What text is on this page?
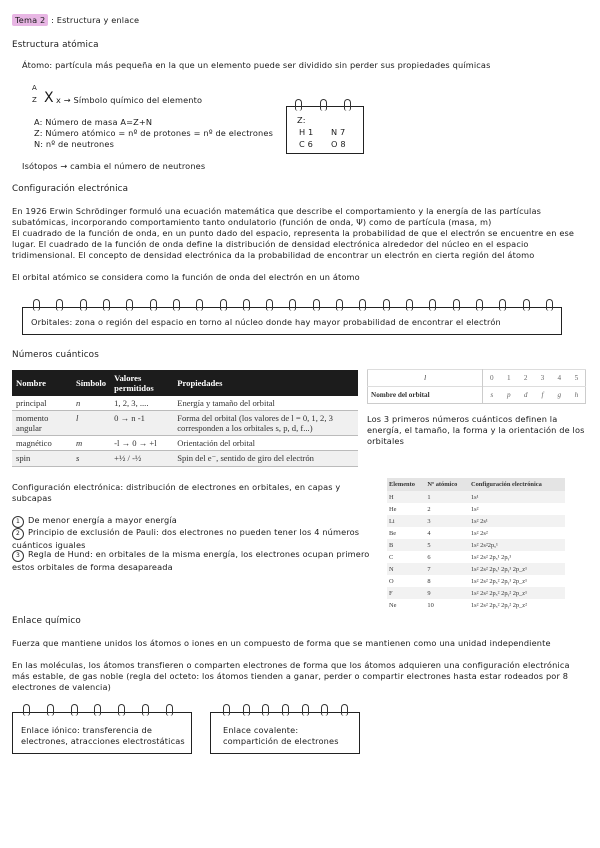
Tema 2 : Estructura y enlace
Estructura atómica
Átomo: partícula más pequeña en la que un elemento puede ser dividido sin perder sus propiedades químicas
A
Z X x → Símbolo químico del elemento
A: Número de masa A=Z+N
Z: Número atómico = nº de protones = nº de electrones
N: nº de neutrones
Isótopos → cambia el número de neutrones
Z:
H 1 N 7
C 6 O 8
Configuración electrónica
En 1926 Erwin Schrödinger formuló una ecuación matemática que describe el comportamiento y la energía de las partículas subatómicas, incorporando comportamiento tanto ondulatorio (función de onda, Ψ) como de partícula (masa, m)
El cuadrado de la función de onda, en un punto dado del espacio, representa la probabilidad de que el electrón se encuentre en ese lugar. El cuadrado de la función de onda define la distribución de densidad electrónica alrededor del núcleo en el espacio tridimensional. El concepto de densidad electrónica da la probabilidad de encontrar un electrón en cierta región del átomo
El orbital atómico se considera como la función de onda del electrón en un átomo
Orbitales: zona o región del espacio en torno al núcleo donde hay mayor probabilidad de encontrar el electrón
Números cuánticos
Nombre	Símbolo	Valores permitidos	Propiedades
principal	n	1, 2, 3, ....	Energía y tamaño del orbital
momento angular	l	0 → n -1	Forma del orbital (los valores de l = 0, 1, 2, 3 corresponden a los orbitales s, p, d, f...)
magnético	m	-l → 0 → +l	Orientación del orbital
spin	s	+½ / -½	Spin del e⁻, sentido de giro del electrón
l	0	1	2	3	4	5
Nombre del orbital	s	p	d	f	g	h
Los 3 primeros números cuánticos definen la energía, el tamaño, la forma y la orientación de los orbitales
Configuración electrónica: distribución de electrones en orbitales, en capas y subcapas
1 De menor energía a mayor energía
2 Principio de exclusión de Pauli: dos electrones no pueden tener los 4 números cuánticos iguales
3 Regla de Hund: en orbitales de la misma energía, los electrones ocupan primero estos orbitales de forma desapareada
Elemento	Nº atómico	Configuración electrónica
H	1	1s¹
He	2	1s²
Li	3	1s² 2s¹
Be	4	1s² 2s²
B	5	1s² 2s²2pₓ¹
C	6	1s² 2s² 2pₓ¹ 2pᵧ¹
N	7	1s² 2s² 2pₓ¹ 2pᵧ¹ 2p_z¹
O	8	1s² 2s² 2pₓ² 2pᵧ¹ 2p_z¹
F	9	1s² 2s² 2pₓ² 2pᵧ² 2p_z¹
Ne	10	1s² 2s² 2pₓ² 2pᵧ² 2p_z²
Enlace químico
Fuerza que mantiene unidos los átomos o iones en un compuesto de forma que se mantienen como una unidad independiente
En las moléculas, los átomos transfieren o comparten electrones de forma que los átomos adquieren una configuración electrónica más estable, de gas noble (regla del octeto: los átomos tienden a ganar, perder o compartir electrones hasta estar rodeados por 8 electrones de valencia)
Enlace iónico: transferencia de electrones, atracciones electrostáticas
Enlace covalente: compartición de electrones
